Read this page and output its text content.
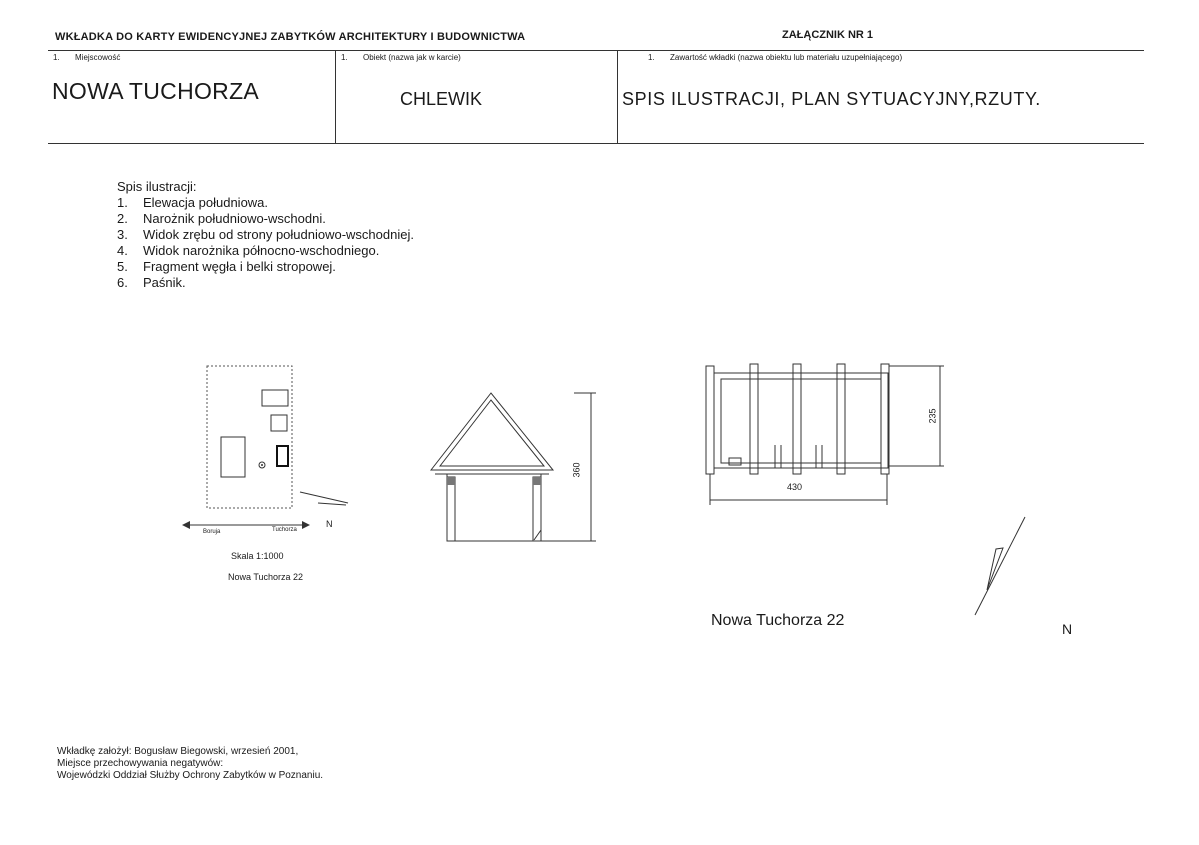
WKŁADKA DO KARTY EWIDENCYJNEJ ZABYTKÓW ARCHITEKTURY I BUDOWNICTWA	ZAŁĄCZNIK NR 1
1. Miejscowość	1. Obiekt (nazwa jak w karcie)	1. Zawartość wkładki (nazwa obiektu lub materiału uzupełniającego)
NOWA TUCHORZA	CHLEWIK	SPIS ILUSTRACJI, PLAN SYTUACYJNY,RZUTY.
Spis ilustracji:
1. Elewacja południowa.
2. Narożnik południowo-wschodni.
3. Widok zrębu od strony południowo-wschodniej.
4. Widok narożnika północno-wschodniego.
5. Fragment węgła i belki stropowej.
6. Paśnik.
Boruja	Tuchorza
N
Skala 1:1000
Nowa Tuchorza 22
360
235
430
Nowa Tuchorza 22	N
Wkładkę założył: Bogusław Biegowski, wrzesień 2001,
Miejsce przechowywania negatywów:
Wojewódzki Oddział Służby Ochrony Zabytków w Poznaniu.
